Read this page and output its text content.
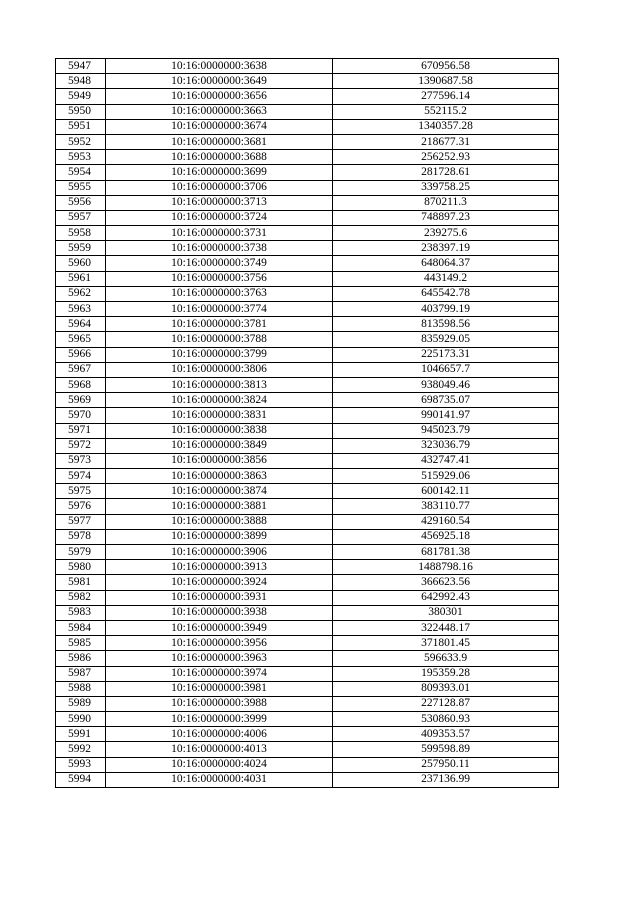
5947	10:16:0000000:3638	670956.58
5948	10:16:0000000:3649	1390687.58
5949	10:16:0000000:3656	277596.14
5950	10:16:0000000:3663	552115.2
5951	10:16:0000000:3674	1340357.28
5952	10:16:0000000:3681	218677.31
5953	10:16:0000000:3688	256252.93
5954	10:16:0000000:3699	281728.61
5955	10:16:0000000:3706	339758.25
5956	10:16:0000000:3713	870211.3
5957	10:16:0000000:3724	748897.23
5958	10:16:0000000:3731	239275.6
5959	10:16:0000000:3738	238397.19
5960	10:16:0000000:3749	648064.37
5961	10:16:0000000:3756	443149.2
5962	10:16:0000000:3763	645542.78
5963	10:16:0000000:3774	403799.19
5964	10:16:0000000:3781	813598.56
5965	10:16:0000000:3788	835929.05
5966	10:16:0000000:3799	225173.31
5967	10:16:0000000:3806	1046657.7
5968	10:16:0000000:3813	938049.46
5969	10:16:0000000:3824	698735.07
5970	10:16:0000000:3831	990141.97
5971	10:16:0000000:3838	945023.79
5972	10:16:0000000:3849	323036.79
5973	10:16:0000000:3856	432747.41
5974	10:16:0000000:3863	515929.06
5975	10:16:0000000:3874	600142.11
5976	10:16:0000000:3881	383110.77
5977	10:16:0000000:3888	429160.54
5978	10:16:0000000:3899	456925.18
5979	10:16:0000000:3906	681781.38
5980	10:16:0000000:3913	1488798.16
5981	10:16:0000000:3924	366623.56
5982	10:16:0000000:3931	642992.43
5983	10:16:0000000:3938	380301
5984	10:16:0000000:3949	322448.17
5985	10:16:0000000:3956	371801.45
5986	10:16:0000000:3963	596633.9
5987	10:16:0000000:3974	195359.28
5988	10:16:0000000:3981	809393.01
5989	10:16:0000000:3988	227128.87
5990	10:16:0000000:3999	530860.93
5991	10:16:0000000:4006	409353.57
5992	10:16:0000000:4013	599598.89
5993	10:16:0000000:4024	257950.11
5994	10:16:0000000:4031	237136.99
